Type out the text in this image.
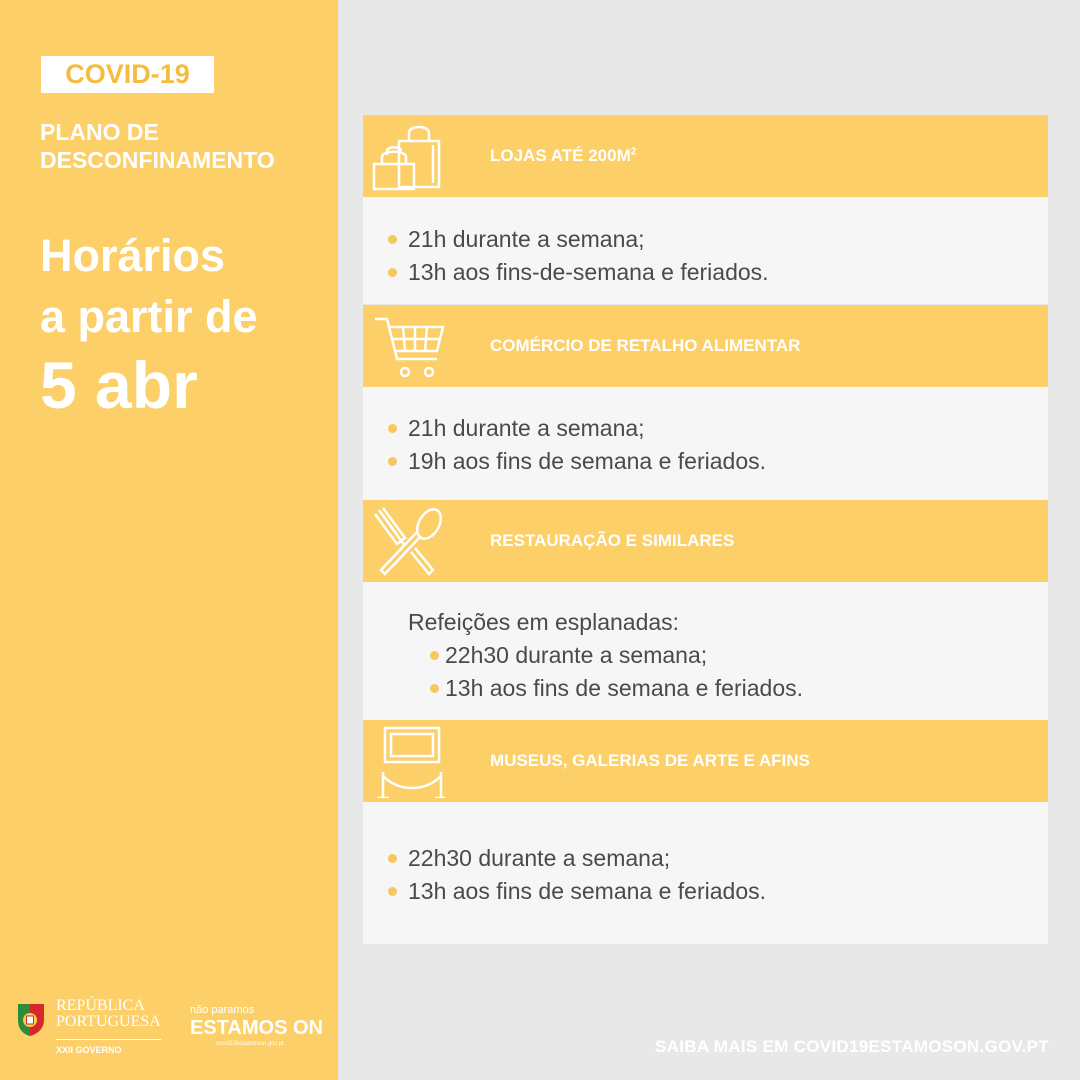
COVID-19
PLANO DE
DESCONFINAMENTO
Horários
a partir de
5 abr
REPÚBLICA
PORTUGUESA
XXII GOVERNO
não paramos
ESTAMOS ON
covid19estamoson.gov.pt
LOJAS ATÉ $200M^2$
21h durante a semana;
13h aos fins-de-semana e feriados.
COMÉRCIO DE RETALHO ALIMENTAR
21h durante a semana;
19h aos fins de semana e feriados.
RESTAURAÇÃO E SIMILARES
Refeições em esplanadas:
22h30 durante a semana;
13h aos fins de semana e feriados.
MUSEUS, GALERIAS DE ARTE E AFINS
22h30 durante a semana;
13h aos fins de semana e feriados.
SAIBA MAIS EM COVID19ESTAMOSON.GOV.PT
